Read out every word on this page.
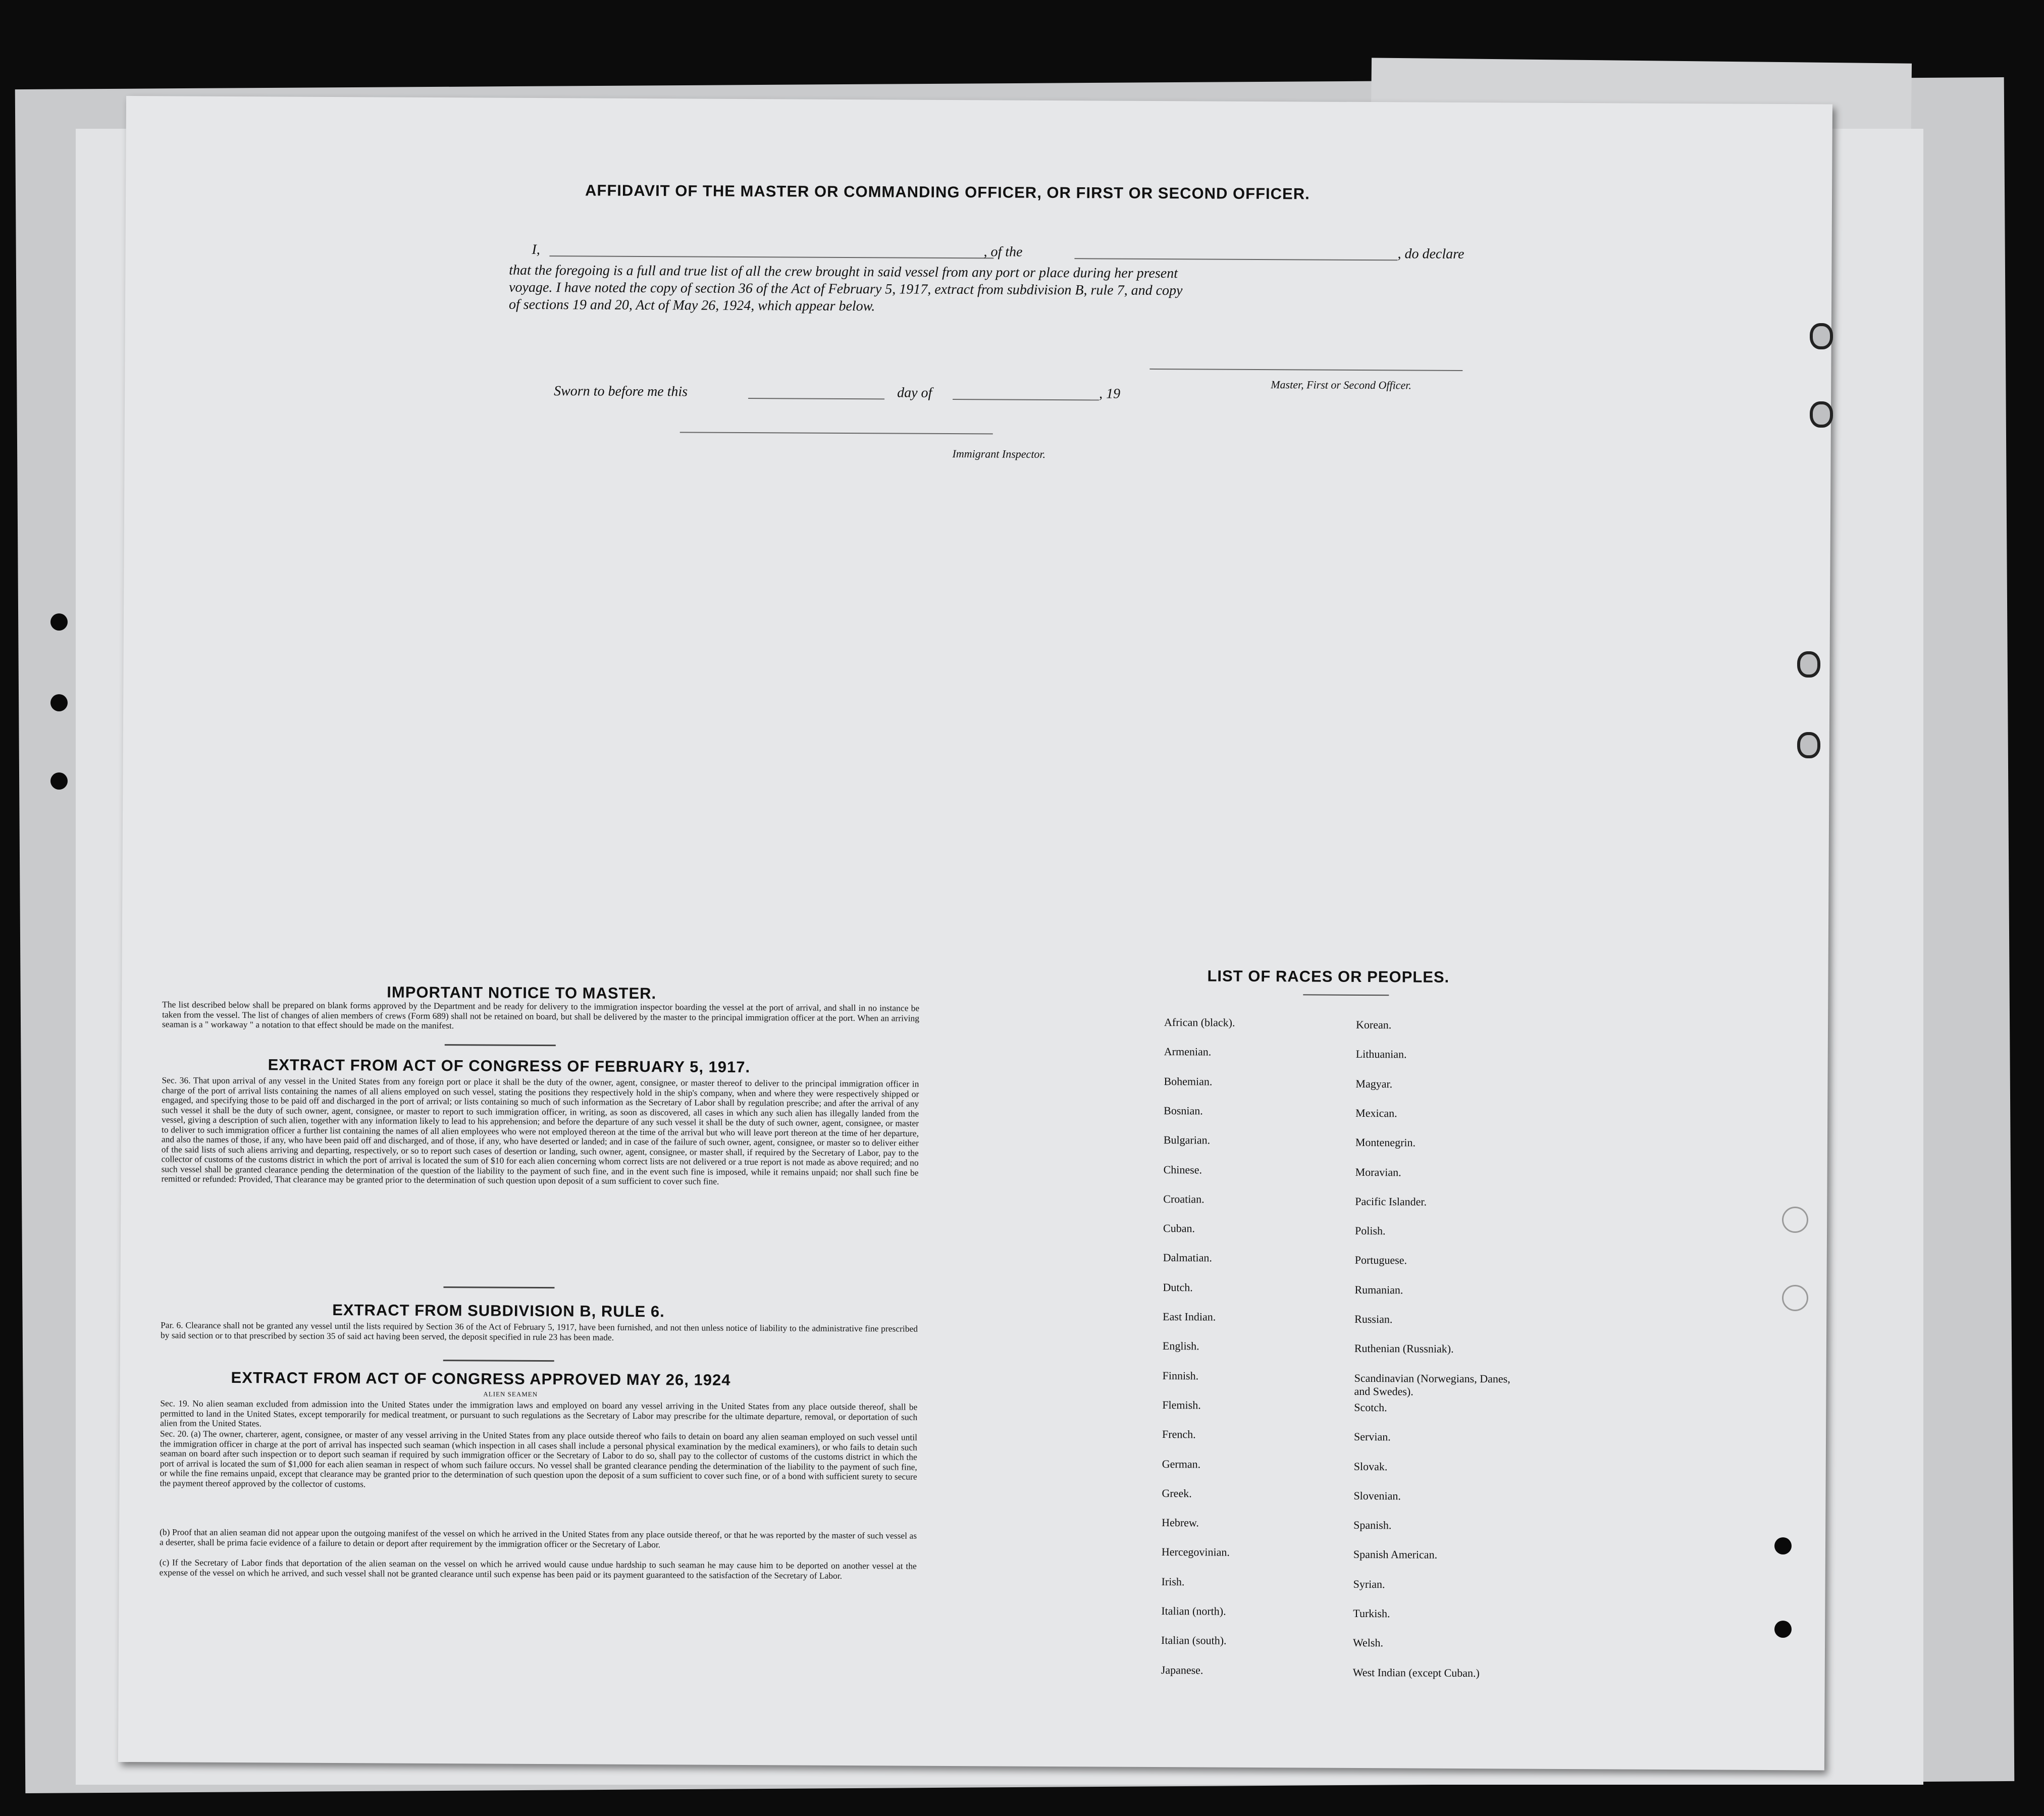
AFFIDAVIT OF THE MASTER OR COMMANDING OFFICER, OR FIRST OR SECOND OFFICER.
I,	, of the	, do declare
that the foregoing is a full and true list of all the crew brought in said vessel from any port or place during her present
voyage. I have noted the copy of section 36 of the Act of February 5, 1917, extract from subdivision B, rule 7, and copy
of sections 19 and 20, Act of May 26, 1924, which appear below.
Master, First or Second Officer.
Sworn to before me this	day of	, 19
Immigrant Inspector.
IMPORTANT NOTICE TO MASTER.
The list described below shall be prepared on blank forms approved by the Department and be ready for delivery to the immigration inspector boarding the vessel at the port of arrival, and shall in no instance be taken from the vessel. The list of changes of alien members of crews (Form 689) shall not be retained on board, but shall be delivered by the master to the principal immigration officer at the port. When an arriving seaman is a " workaway " a notation to that effect should be made on the manifest.
EXTRACT FROM ACT OF CONGRESS OF FEBRUARY 5, 1917.
Sec. 36. That upon arrival of any vessel in the United States from any foreign port or place it shall be the duty of the owner, agent, consignee, or master thereof to deliver to the principal immigration officer in charge of the port of arrival lists containing the names of all aliens employed on such vessel, stating the positions they respectively hold in the ship's company, when and where they were respectively shipped or engaged, and specifying those to be paid off and discharged in the port of arrival; or lists containing so much of such information as the Secretary of Labor shall by regulation prescribe; and after the arrival of any such vessel it shall be the duty of such owner, agent, consignee, or master to report to such immigration officer, in writing, as soon as discovered, all cases in which any such alien has illegally landed from the vessel, giving a description of such alien, together with any information likely to lead to his apprehension; and before the departure of any such vessel it shall be the duty of such owner, agent, consignee, or master to deliver to such immigration officer a further list containing the names of all alien employees who were not employed thereon at the time of the arrival but who will leave port thereon at the time of her departure, and also the names of those, if any, who have been paid off and discharged, and of those, if any, who have deserted or landed; and in case of the failure of such owner, agent, consignee, or master so to deliver either of the said lists of such aliens arriving and departing, respectively, or so to report such cases of desertion or landing, such owner, agent, consignee, or master shall, if required by the Secretary of Labor, pay to the collector of customs of the customs district in which the port of arrival is located the sum of $10 for each alien concerning whom correct lists are not delivered or a true report is not made as above required; and no such vessel shall be granted clearance pending the determination of the question of the liability to the payment of such fine, and in the event such fine is imposed, while it remains unpaid; nor shall such fine be remitted or refunded: Provided, That clearance may be granted prior to the determination of such question upon deposit of a sum sufficient to cover such fine.
EXTRACT FROM SUBDIVISION B, RULE 6.
Par. 6. Clearance shall not be granted any vessel until the lists required by Section 36 of the Act of February 5, 1917, have been furnished, and not then unless notice of liability to the administrative fine prescribed by said section or to that prescribed by section 35 of said act having been served, the deposit specified in rule 23 has been made.
EXTRACT FROM ACT OF CONGRESS APPROVED MAY 26, 1924
ALIEN SEAMEN
Sec. 19. No alien seaman excluded from admission into the United States under the immigration laws and employed on board any vessel arriving in the United States from any place outside thereof, shall be permitted to land in the United States, except temporarily for medical treatment, or pursuant to such regulations as the Secretary of Labor may prescribe for the ultimate departure, removal, or deportation of such alien from the United States.
Sec. 20. (a) The owner, charterer, agent, consignee, or master of any vessel arriving in the United States from any place outside thereof who fails to detain on board any alien seaman employed on such vessel until the immigration officer in charge at the port of arrival has inspected such seaman (which inspection in all cases shall include a personal physical examination by the medical examiners), or who fails to detain such seaman on board after such inspection or to deport such seaman if required by such immigration officer or the Secretary of Labor to do so, shall pay to the collector of customs of the customs district in which the port of arrival is located the sum of $1,000 for each alien seaman in respect of whom such failure occurs. No vessel shall be granted clearance pending the determination of the liability to the payment of such fine, or while the fine remains unpaid, except that clearance may be granted prior to the determination of such question upon the deposit of a sum sufficient to cover such fine, or of a bond with sufficient surety to secure the payment thereof approved by the collector of customs.
(b) Proof that an alien seaman did not appear upon the outgoing manifest of the vessel on which he arrived in the United States from any place outside thereof, or that he was reported by the master of such vessel as a deserter, shall be prima facie evidence of a failure to detain or deport after requirement by the immigration officer or the Secretary of Labor.
(c) If the Secretary of Labor finds that deportation of the alien seaman on the vessel on which he arrived would cause undue hardship to such seaman he may cause him to be deported on another vessel at the expense of the vessel on which he arrived, and such vessel shall not be granted clearance until such expense has been paid or its payment guaranteed to the satisfaction of the Secretary of Labor.
LIST OF RACES OR PEOPLES.
African (black).
Armenian.
Bohemian.
Bosnian.
Bulgarian.
Chinese.
Croatian.
Cuban.
Dalmatian.
Dutch.
East Indian.
English.
Finnish.
Flemish.
French.
German.
Greek.
Hebrew.
Hercegovinian.
Irish.
Italian (north).
Italian (south).
Japanese.
Korean.
Lithuanian.
Magyar.
Mexican.
Montenegrin.
Moravian.
Pacific Islander.
Polish.
Portuguese.
Rumanian.
Russian.
Ruthenian (Russniak).
Scandinavian (Norwegians, Danes, and Swedes).
Scotch.
Servian.
Slovak.
Slovenian.
Spanish.
Spanish American.
Syrian.
Turkish.
Welsh.
West Indian (except Cuban.)
